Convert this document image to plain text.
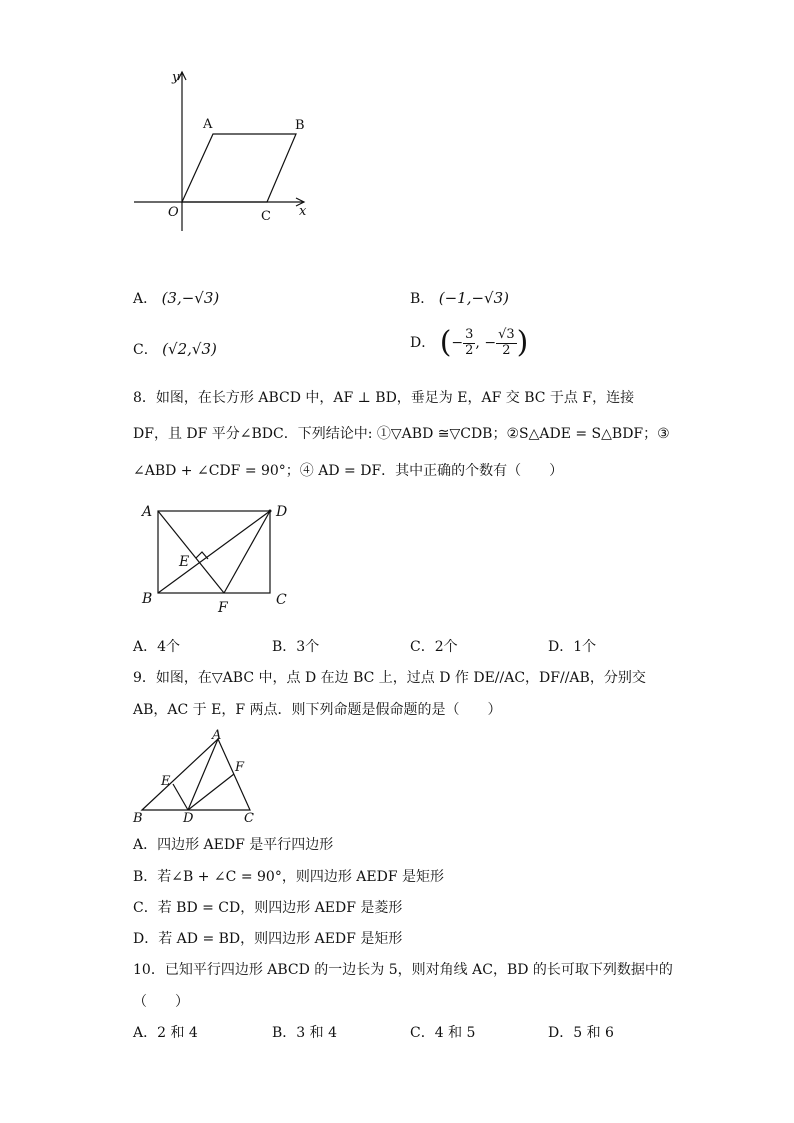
y
x
O
A	B
C
A． (3,−√3)	B． (−1,−√3)
C． (√2,√3)	D． (− $\frac{3}{2}$ , − $\frac{√3}{2}$ )
8．如图，在长方形 ABCD 中，AF ⊥ BD，垂足为 E，AF 交 BC 于点 F，连接
DF，且 DF 平分∠BDC．下列结论中: ①▽ABD ≅▽CDB；②S△ADE = S△BDF；③
∠ABD + ∠CDF = 90°；④ AD = DF．其中正确的个数有（　　）
A	D
B	C
E
F
A．4个	B．3个	C．2个	D．1个
9．如图，在▽ABC 中，点 D 在边 BC 上，过点 D 作 DE//AC，DF//AB，分别交
AB，AC 于 E，F 两点．则下列命题是假命题的是（　　）
A
B	C
D
E
F
A．四边形 AEDF 是平行四边形
B．若∠B + ∠C = 90°，则四边形 AEDF 是矩形
C．若 BD = CD，则四边形 AEDF 是菱形
D．若 AD = BD，则四边形 AEDF 是矩形
10．已知平行四边形 ABCD 的一边长为 5，则对角线 AC，BD 的长可取下列数据中的
（　　）
A．2 和 4	B．3 和 4	C．4 和 5	D．5 和 6
